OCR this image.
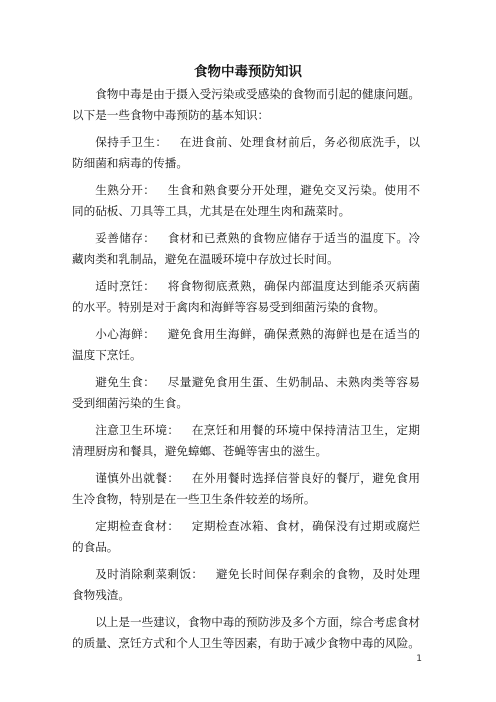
食物中毒预防知识

食物中毒是由于摄入受污染或受感染的食物而引起的健康问题。以下是一些食物中毒预防的基本知识：

保持手卫生： 在进食前、处理食材前后，务必彻底洗手，以防细菌和病毒的传播。

生熟分开： 生食和熟食要分开处理，避免交叉污染。使用不同的砧板、刀具等工具，尤其是在处理生肉和蔬菜时。

妥善储存： 食材和已煮熟的食物应储存于适当的温度下。冷藏肉类和乳制品，避免在温暖环境中存放过长时间。

适时烹饪： 将食物彻底煮熟，确保内部温度达到能杀灭病菌的水平。特别是对于禽肉和海鲜等容易受到细菌污染的食物。

小心海鲜： 避免食用生海鲜，确保煮熟的海鲜也是在适当的温度下烹饪。

避免生食： 尽量避免食用生蛋、生奶制品、未熟肉类等容易受到细菌污染的生食。

注意卫生环境： 在烹饪和用餐的环境中保持清洁卫生，定期清理厨房和餐具，避免蟑螂、苍蝇等害虫的滋生。

谨慎外出就餐： 在外用餐时选择信誉良好的餐厅，避免食用生冷食物，特别是在一些卫生条件较差的场所。

定期检查食材： 定期检查冰箱、食材，确保没有过期或腐烂的食品。

及时消除剩菜剩饭： 避免长时间保存剩余的食物，及时处理食物残渣。

以上是一些建议，食物中毒的预防涉及多个方面，综合考虑食材的质量、烹饪方式和个人卫生等因素，有助于减少食物中毒的风险。

1
